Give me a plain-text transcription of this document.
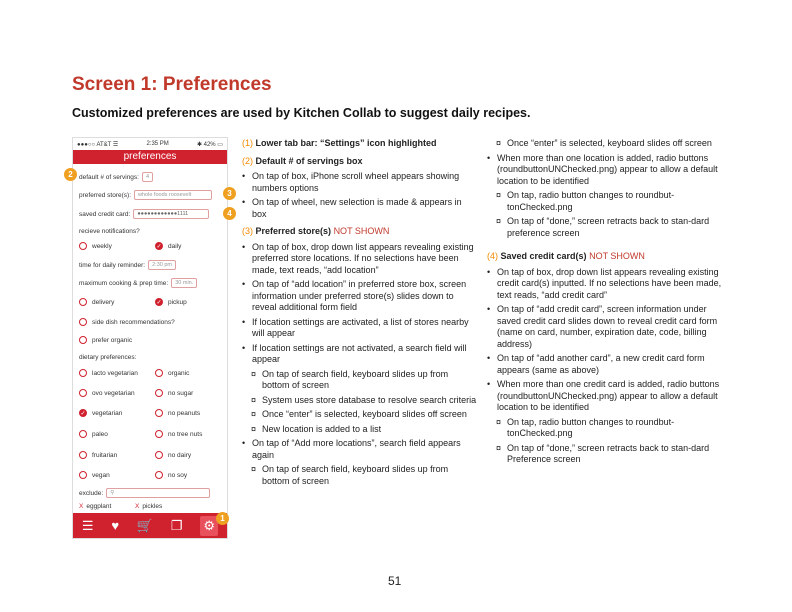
Screen 1: Preferences
Customized preferences are used by Kitchen Collab to suggest daily recipes.
●●●○○ AT&T ☰	2:35 PM	✱ 42% ▭
preferences
default # of servings:	4
preferred store(s):	whole foods roosevelt
saved credit card:	●●●●●●●●●●●●1111
recieve notifications?
weekly	✓ daily
time for daily reminder:	2:30 pm
maximum cooking & prep time:	30 min.
delivery	✓ pickup
side dish recommendations?
prefer organic
dietary preferences:
lacto vegetarian	organic
ovo vegetarian	no sugar
✓ vegetarian	no peanuts
paleo	no tree nuts
fruitarian	no dairy
vegan	no soy
exclude:	⚲
X eggplant	X pickles
☰ ♥ 🛒 ❐ ⚙
2
3
4
1

(1) Lower tab bar: “Settings” icon highlighted

(2) Default # of servings box

• On tap of box, iPhone scroll wheel appears showing numbers options
• On tap of wheel, new selection is made & appears in box

(3) Preferred store(s) NOT SHOWN

• On tap of box, drop down list appears revealing existing preferred store locations. If no selections have been made, text reads, “add location”
• On tap of “add location” in preferred store box, screen information under preferred store(s) slides down to reveal additional form field
• If location settings are activated, a list of stores nearby will appear
• If location settings are not activated, a search field will appear
¤ On tap of search field, keyboard slides up from bottom of screen
¤ System uses store database to resolve search criteria
¤ Once “enter” is selected, keyboard slides off screen
¤ New location is added to a list
• On tap of “Add more locations”, search field appears again
¤ On tap of search field, keyboard slides up from bottom of screen
¤ Once “enter” is selected, keyboard slides off screen
• When more than one location is added, radio buttons (roundbuttonUNChecked.png) appear to allow a default location to be identified
¤ On tap, radio button changes to roundbut-tonChecked.png
¤ On tap of “done,” screen retracts back to stan-dard preference screen

(4) Saved credit card(s) NOT SHOWN

• On tap of box, drop down list appears revealing existing credit card(s) inputted. If no selections have been made, text reads, “add credit card”
• On tap of “add credit card”, screen information under saved credit card slides down to reveal credit card form (name on card, number, expiration date, code, billing address)
• On tap of “add another card”, a new credit card form appears (same as above)
• When more than one credit card is added, radio buttons (roundbuttonUNChecked.png) appear to allow a default location to be identified
¤ On tap, radio button changes to roundbut-tonChecked.png
¤ On tap of “done,” screen retracts back to stan-dard Preference screen
51
